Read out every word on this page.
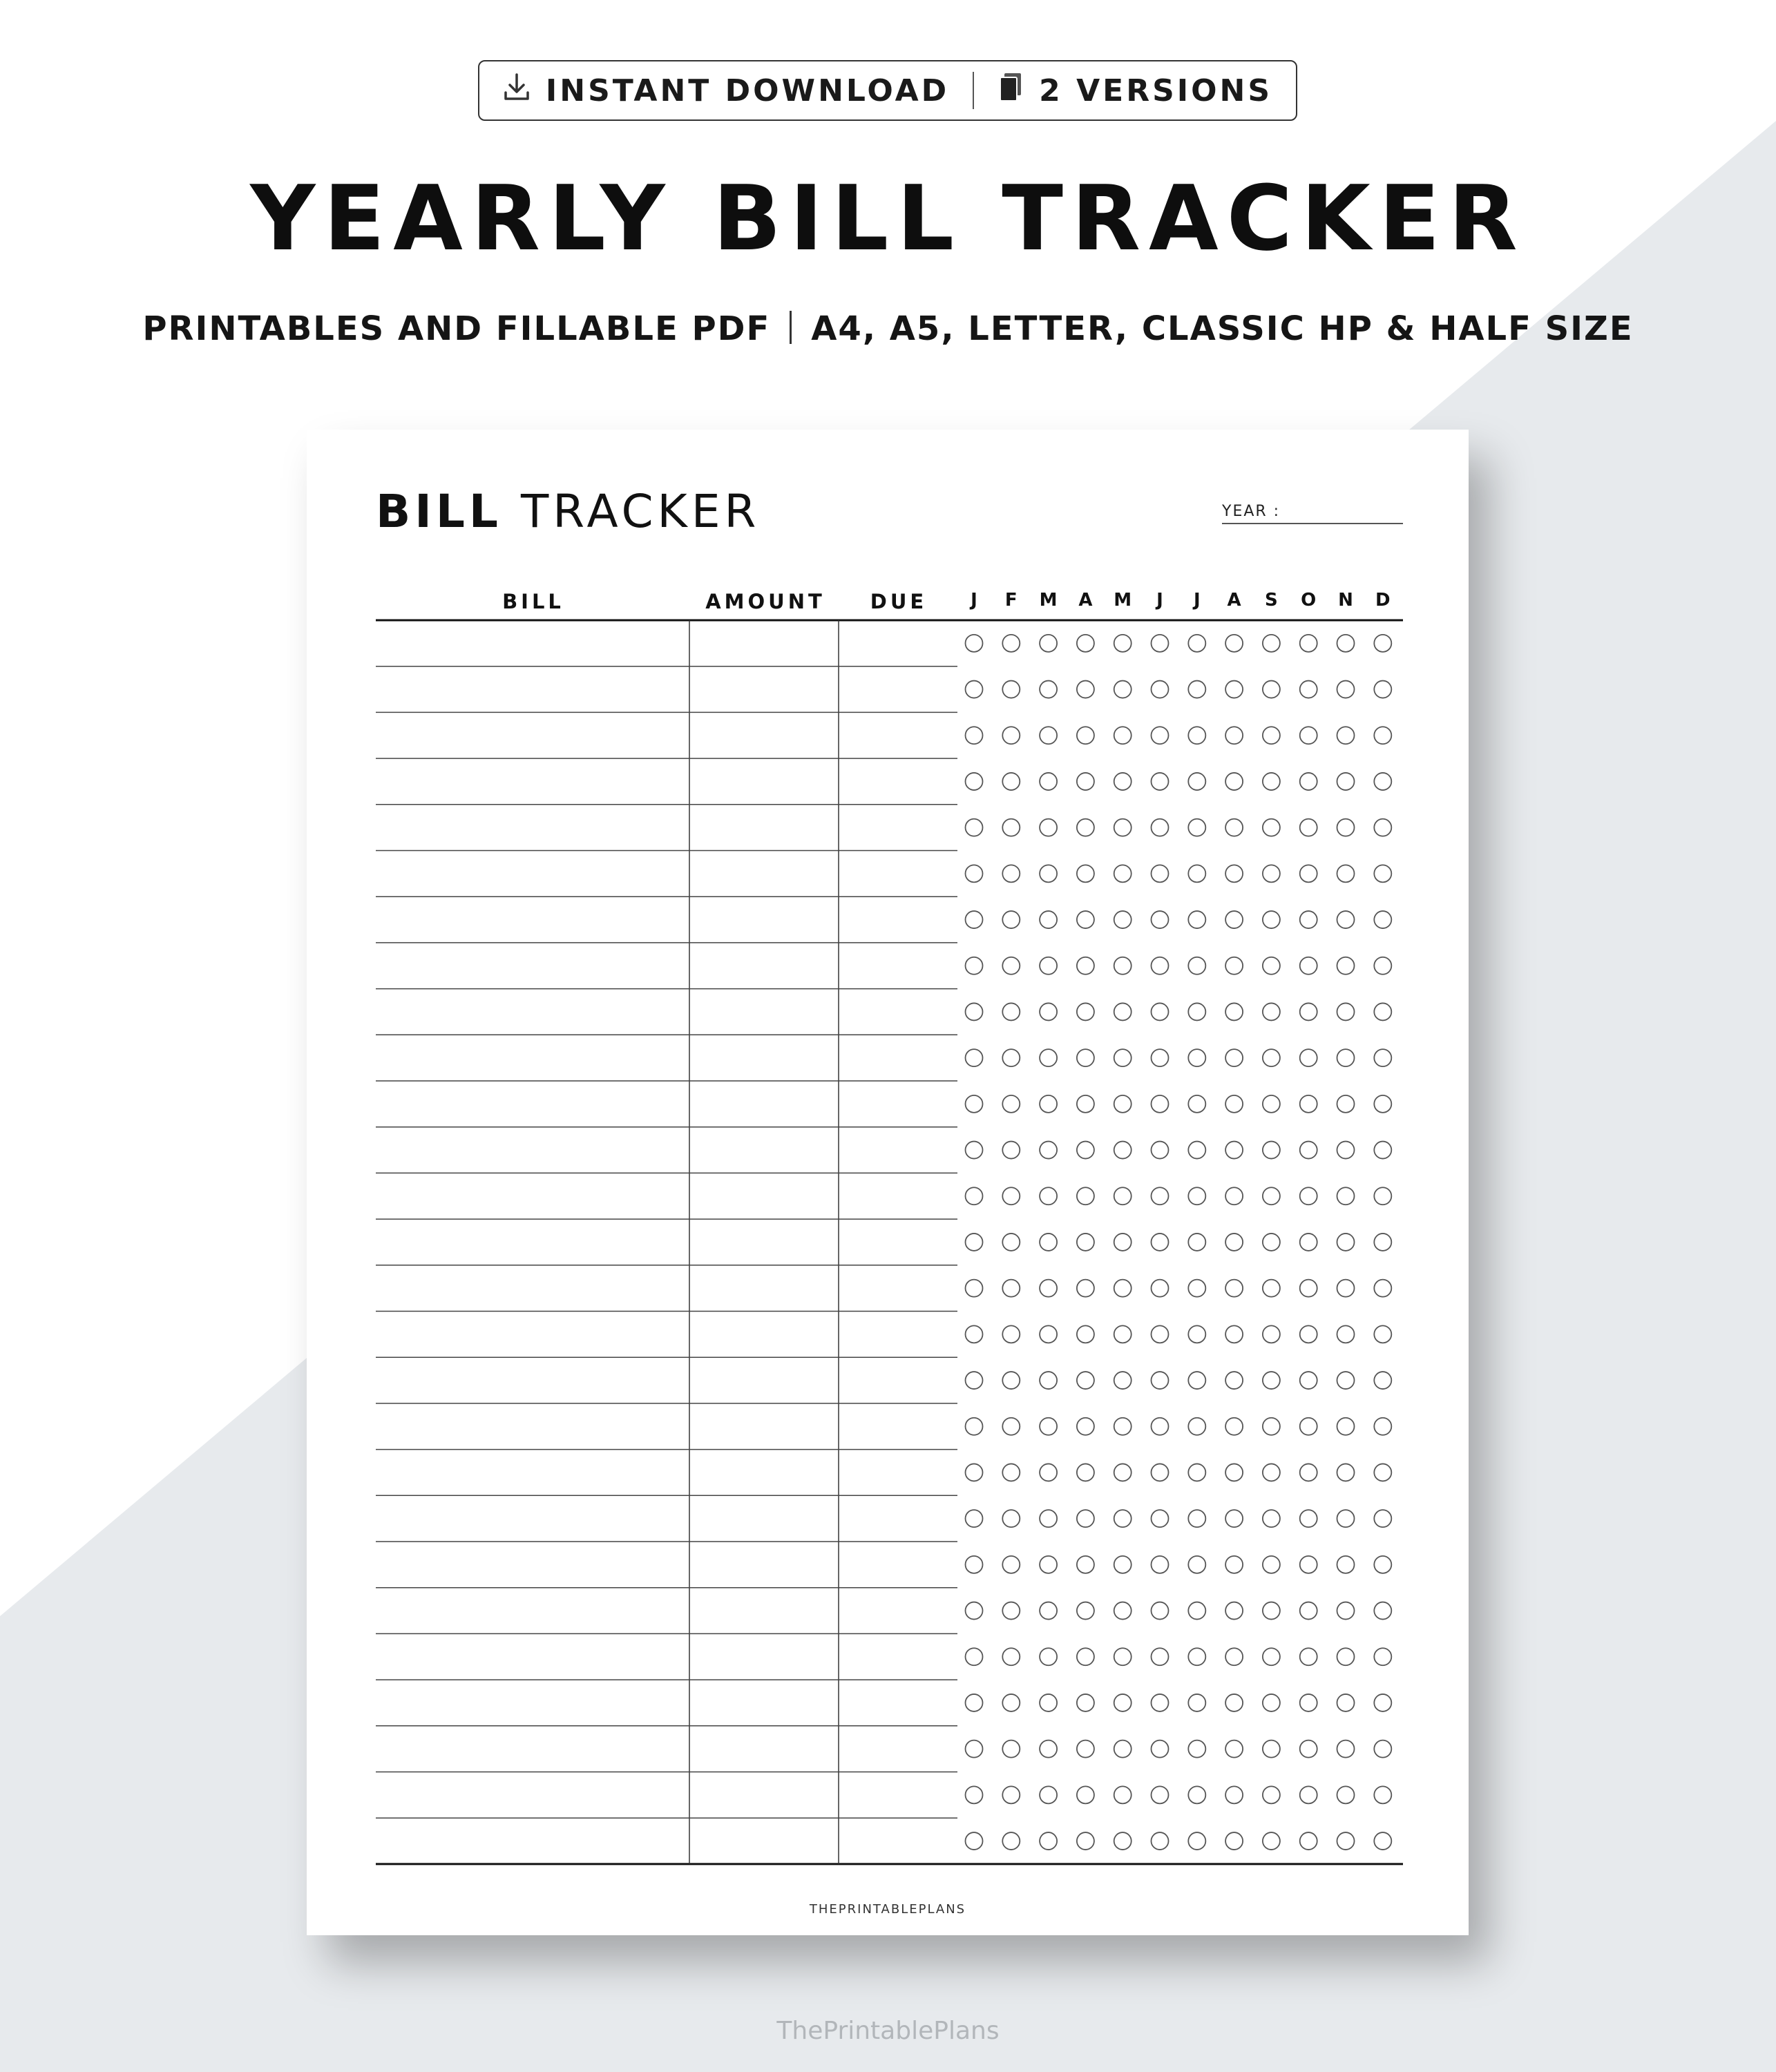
INSTANT DOWNLOAD	2 VERSIONS
YEARLY BILL TRACKER
PRINTABLES AND FILLABLE PDF A4, A5, LETTER, CLASSIC HP & HALF SIZE
BILL TRACKER	YEAR :
BILL	AMOUNT	DUE	J	F	M	A	M	J	J	A	S	O	N	D
THEPRINTABLEPLANS
ThePrintablePlans
